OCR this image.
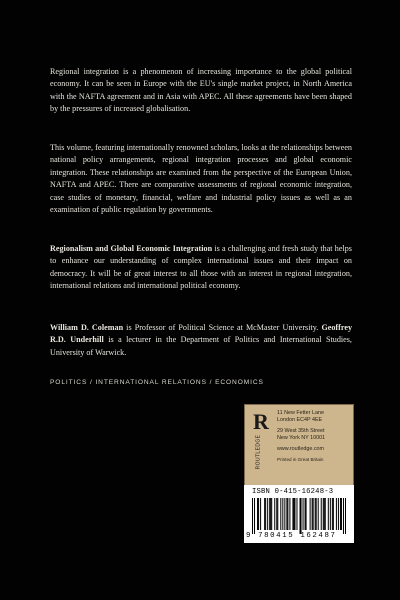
Regional integration is a phenomenon of increasing importance to the global political economy. It can be seen in Europe with the EU's single market project, in North America with the NAFTA agreement and in Asia with APEC. All these agreements have been shaped by the pressures of increased globalisation.

This volume, featuring internationally renowned scholars, looks at the relationships between national policy arrangements, regional integration processes and global economic integration. These relationships are examined from the perspective of the European Union, NAFTA and APEC. There are comparative assessments of regional economic integration, case studies of monetary, financial, welfare and industrial policy issues as well as an examination of public regulation by governments.

Regionalism and Global Economic Integration is a challenging and fresh study that helps to enhance our understanding of complex international issues and their impact on democracy. It will be of great interest to all those with an interest in regional integration, international relations and international political economy.

William D. Coleman is Professor of Political Science at McMaster University. Geoffrey R.D. Underhill is a lecturer in the Department of Politics and International Studies, University of Warwick.

POLITICS / INTERNATIONAL RELATIONS / ECONOMICS

R
ROUTLEDGE
11 New Fetter Lane
London EC4P 4EE
29 West 35th Street
New York NY 10001
www.routledge.com
Printed in Great Britain
ISBN 0-415-16248-3
9 780415 162487
